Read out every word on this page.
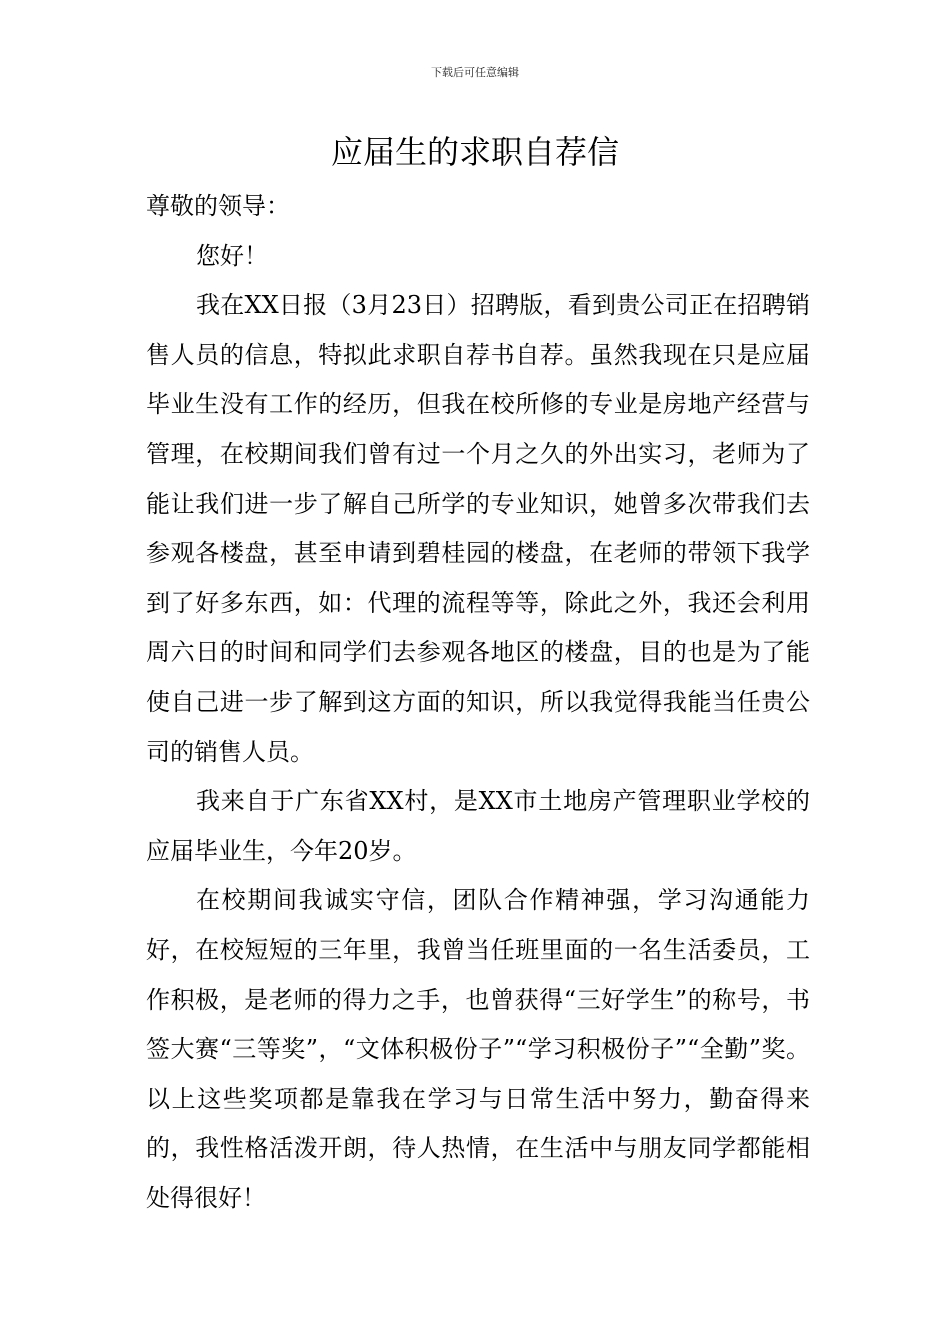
下载后可任意编辑
应届生的求职自荐信

尊敬的领导：

您好！

我在XX日报（3月23日）招聘版，看到贵公司正在招聘销售人员的信息，特拟此求职自荐书自荐。虽然我现在只是应届毕业生没有工作的经历，但我在校所修的专业是房地产经营与管理，在校期间我们曾有过一个月之久的外出实习，老师为了能让我们进一步了解自己所学的专业知识，她曾多次带我们去参观各楼盘，甚至申请到碧桂园的楼盘，在老师的带领下我学到了好多东西，如：代理的流程等等，除此之外，我还会利用周六日的时间和同学们去参观各地区的楼盘，目的也是为了能使自己进一步了解到这方面的知识，所以我觉得我能当任贵公司的销售人员。

我来自于广东省XX村，是XX市土地房产管理职业学校的应届毕业生，今年20岁。

在校期间我诚实守信，团队合作精神强，学习沟通能力好，在校短短的三年里，我曾当任班里面的一名生活委员，工作积极，是老师的得力之手，也曾获得“三好学生”的称号，书签大赛“三等奖”，“文体积极份子”“学习积极份子”“全勤”奖。以上这些奖项都是靠我在学习与日常生活中努力，勤奋得来的，我性格活泼开朗，待人热情，在生活中与朋友同学都能相处得很好！
